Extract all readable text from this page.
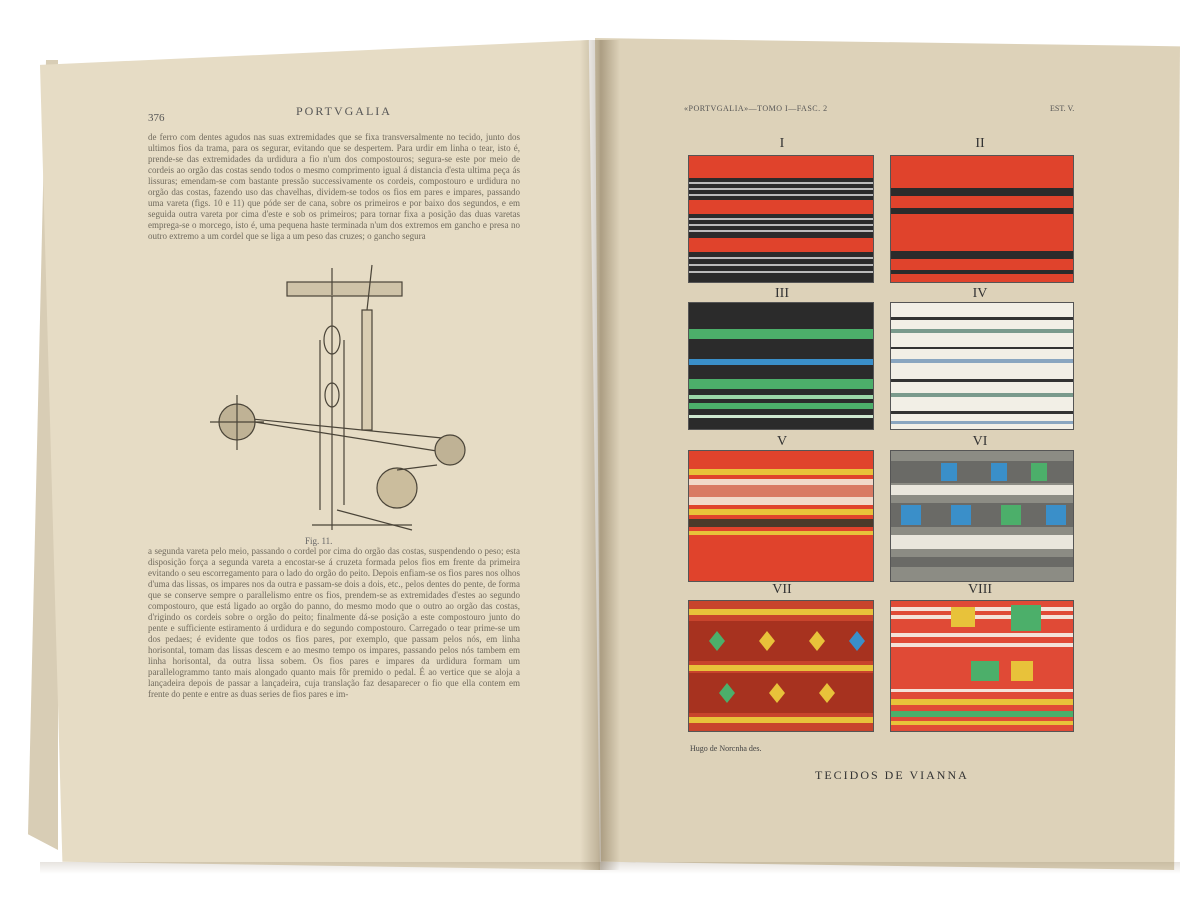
376	PORTVGALIA

de ferro com dentes agudos nas suas extremidades que se fixa transversalmente no tecido, junto dos ultimos fios da trama, para os segurar, evitando que se despertem. Para urdir em linha o tear, isto é, prende-se das extremidades da urdidura a fio n'um dos compostouros; segura-se este por meio de cordeis ao orgão das costas sendo todos o mesmo comprimento igual á distancia d'esta ultima peça ás lissuras; emendam-se com bastante pressão successivamente os cordeis, compostouro e urdidura no orgão das costas, fazendo uso das chavelhas, dividem-se todos os fios em pares e impares, passando uma vareta (figs. 10 e 11) que póde ser de cana, sobre os primeiros e por baixo dos segundos, e em seguida outra vareta por cima d'este e sob os primeiros; para tornar fixa a posição das duas varetas emprega-se o morcego, isto é, uma pequena haste terminada n'um dos extremos em gancho e presa no outro extremo a um cordel que se liga a um peso das cruzes; o gancho segura

Fig. 11.

a segunda vareta pelo meio, passando o cordel por cima do orgão das costas, suspendendo o peso; esta disposição força a segunda vareta a encostar-se á cruzeta formada pelos fios em frente da primeira evitando o seu escorregamento para o lado do orgão do peito. Depois enfiam-se os fios pares nos olhos d'uma das lissas, os impares nos da outra e passam-se dois a dois, etc., pelos dentes do pente, de forma que se conserve sempre o parallelismo entre os fios, prendem-se as extremidades d'estes ao segundo compostouro, que está ligado ao orgão do panno, do mesmo modo que o outro ao orgão das costas, d'rigindo os cordeis sobre o orgão do peito; finalmente dá-se posição a este compostouro junto do pente e sufficiente estiramento á urdidura e do segundo compostouro. Carregado o tear prime-se um dos pedaes; é evidente que todos os fios pares, por exemplo, que passam pelos nós, em linha horisontal, tomam das lissas descem e ao mesmo tempo os impares, passando pelos nós tambem em linha horisontal, da outra lissa sobem. Os fios pares e impares da urdidura formam um parallelogrammo tanto mais alongado quanto mais fôr premido o pedal. É ao vertice que se aloja a lançadeira depois de passar a lançadeira, cuja translação faz desaparecer o fio que ella contem em frente do pente e entre as duas series de fios pares e im-

«PORTVGALIA»—TOMO I—FASC. 2	EST. V.
I	II
III	IV
V	VI
VII	VIII
Hugo de Norcnha des.
TECIDOS DE VIANNA
